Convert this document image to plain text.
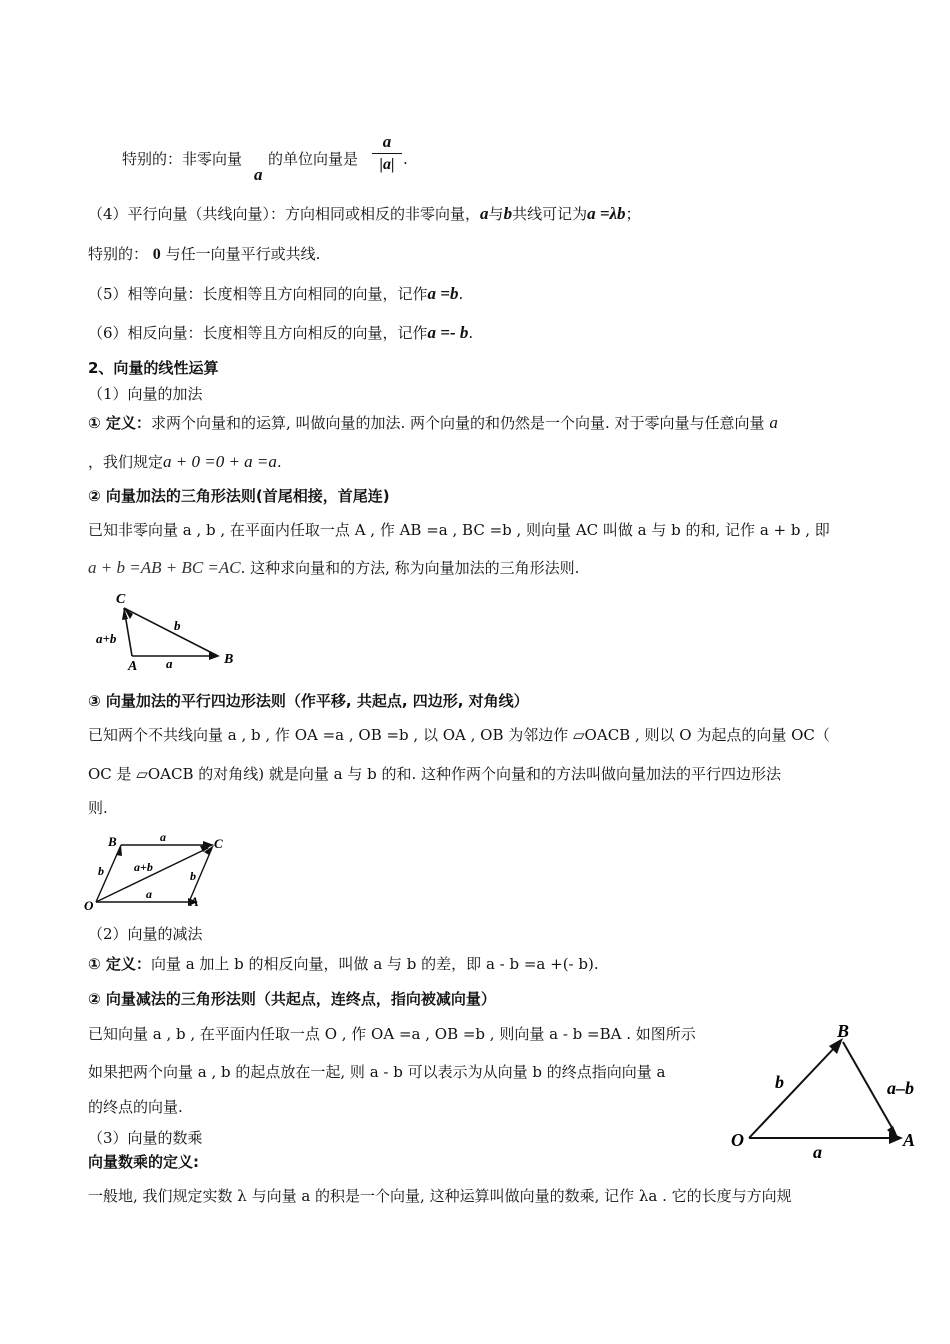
特别的：非零向量
a
的单位向量是
a
|a| .
（4）平行向量（共线向量）：方向相同或相反的非零向量，a与b共线可记为a =λb；
特别的： 0 与任一向量平行或共线.
（5）相等向量：长度相等且方向相同的向量，记作a =b.
（6）相反向量：长度相等且方向相反的向量，记作a =- b.
2、向量的线性运算
（1）向量的加法
① 定义：求两个向量和的运算, 叫做向量的加法. 两个向量的和仍然是一个向量. 对于零向量与任意向量 a
，我们规定a + 0 =0 + a =a.
② 向量加法的三角形法则(首尾相接，首尾连)
已知非零向量 a , b , 在平面内任取一点 A , 作 AB =a , BC =b , 则向量 AC 叫做 a 与 b 的和, 记作 a + b , 即
a + b =AB + BC =AC. 这种求向量和的方法, 称为向量加法的三角形法则.
C
A	B
a+b
b
a
③ 向量加法的平行四边形法则（作平移, 共起点, 四边形, 对角线）
已知两个不共线向量 a , b , 作 OA =a , OB =b , 以 OA , OB 为邻边作 ▱OACB , 则以 O 为起点的向量 OC（
OC 是 ▱OACB 的对角线) 就是向量 a 与 b 的和. 这种作两个向量和的方法叫做向量加法的平行四边形法
则.
B	C
O	A
a
a
b	b
a+b
（2）向量的减法
① 定义：向量 a 加上 b 的相反向量，叫做 a 与 b 的差，即 a - b =a +(- b).
② 向量减法的三角形法则（共起点，连终点，指向被减向量）
已知向量 a , b , 在平面内任取一点 O , 作 OA =a , OB =b , 则向量 a - b =BA . 如图所示
如果把两个向量 a , b 的起点放在一起, 则 a - b 可以表示为从向量 b 的终点指向向量 a
的终点的向量.
B
O	A
a
b	a–b
（3）向量的数乘
向量数乘的定义:
一般地, 我们规定实数 λ 与向量 a 的积是一个向量, 这种运算叫做向量的数乘, 记作 λa . 它的长度与方向规
